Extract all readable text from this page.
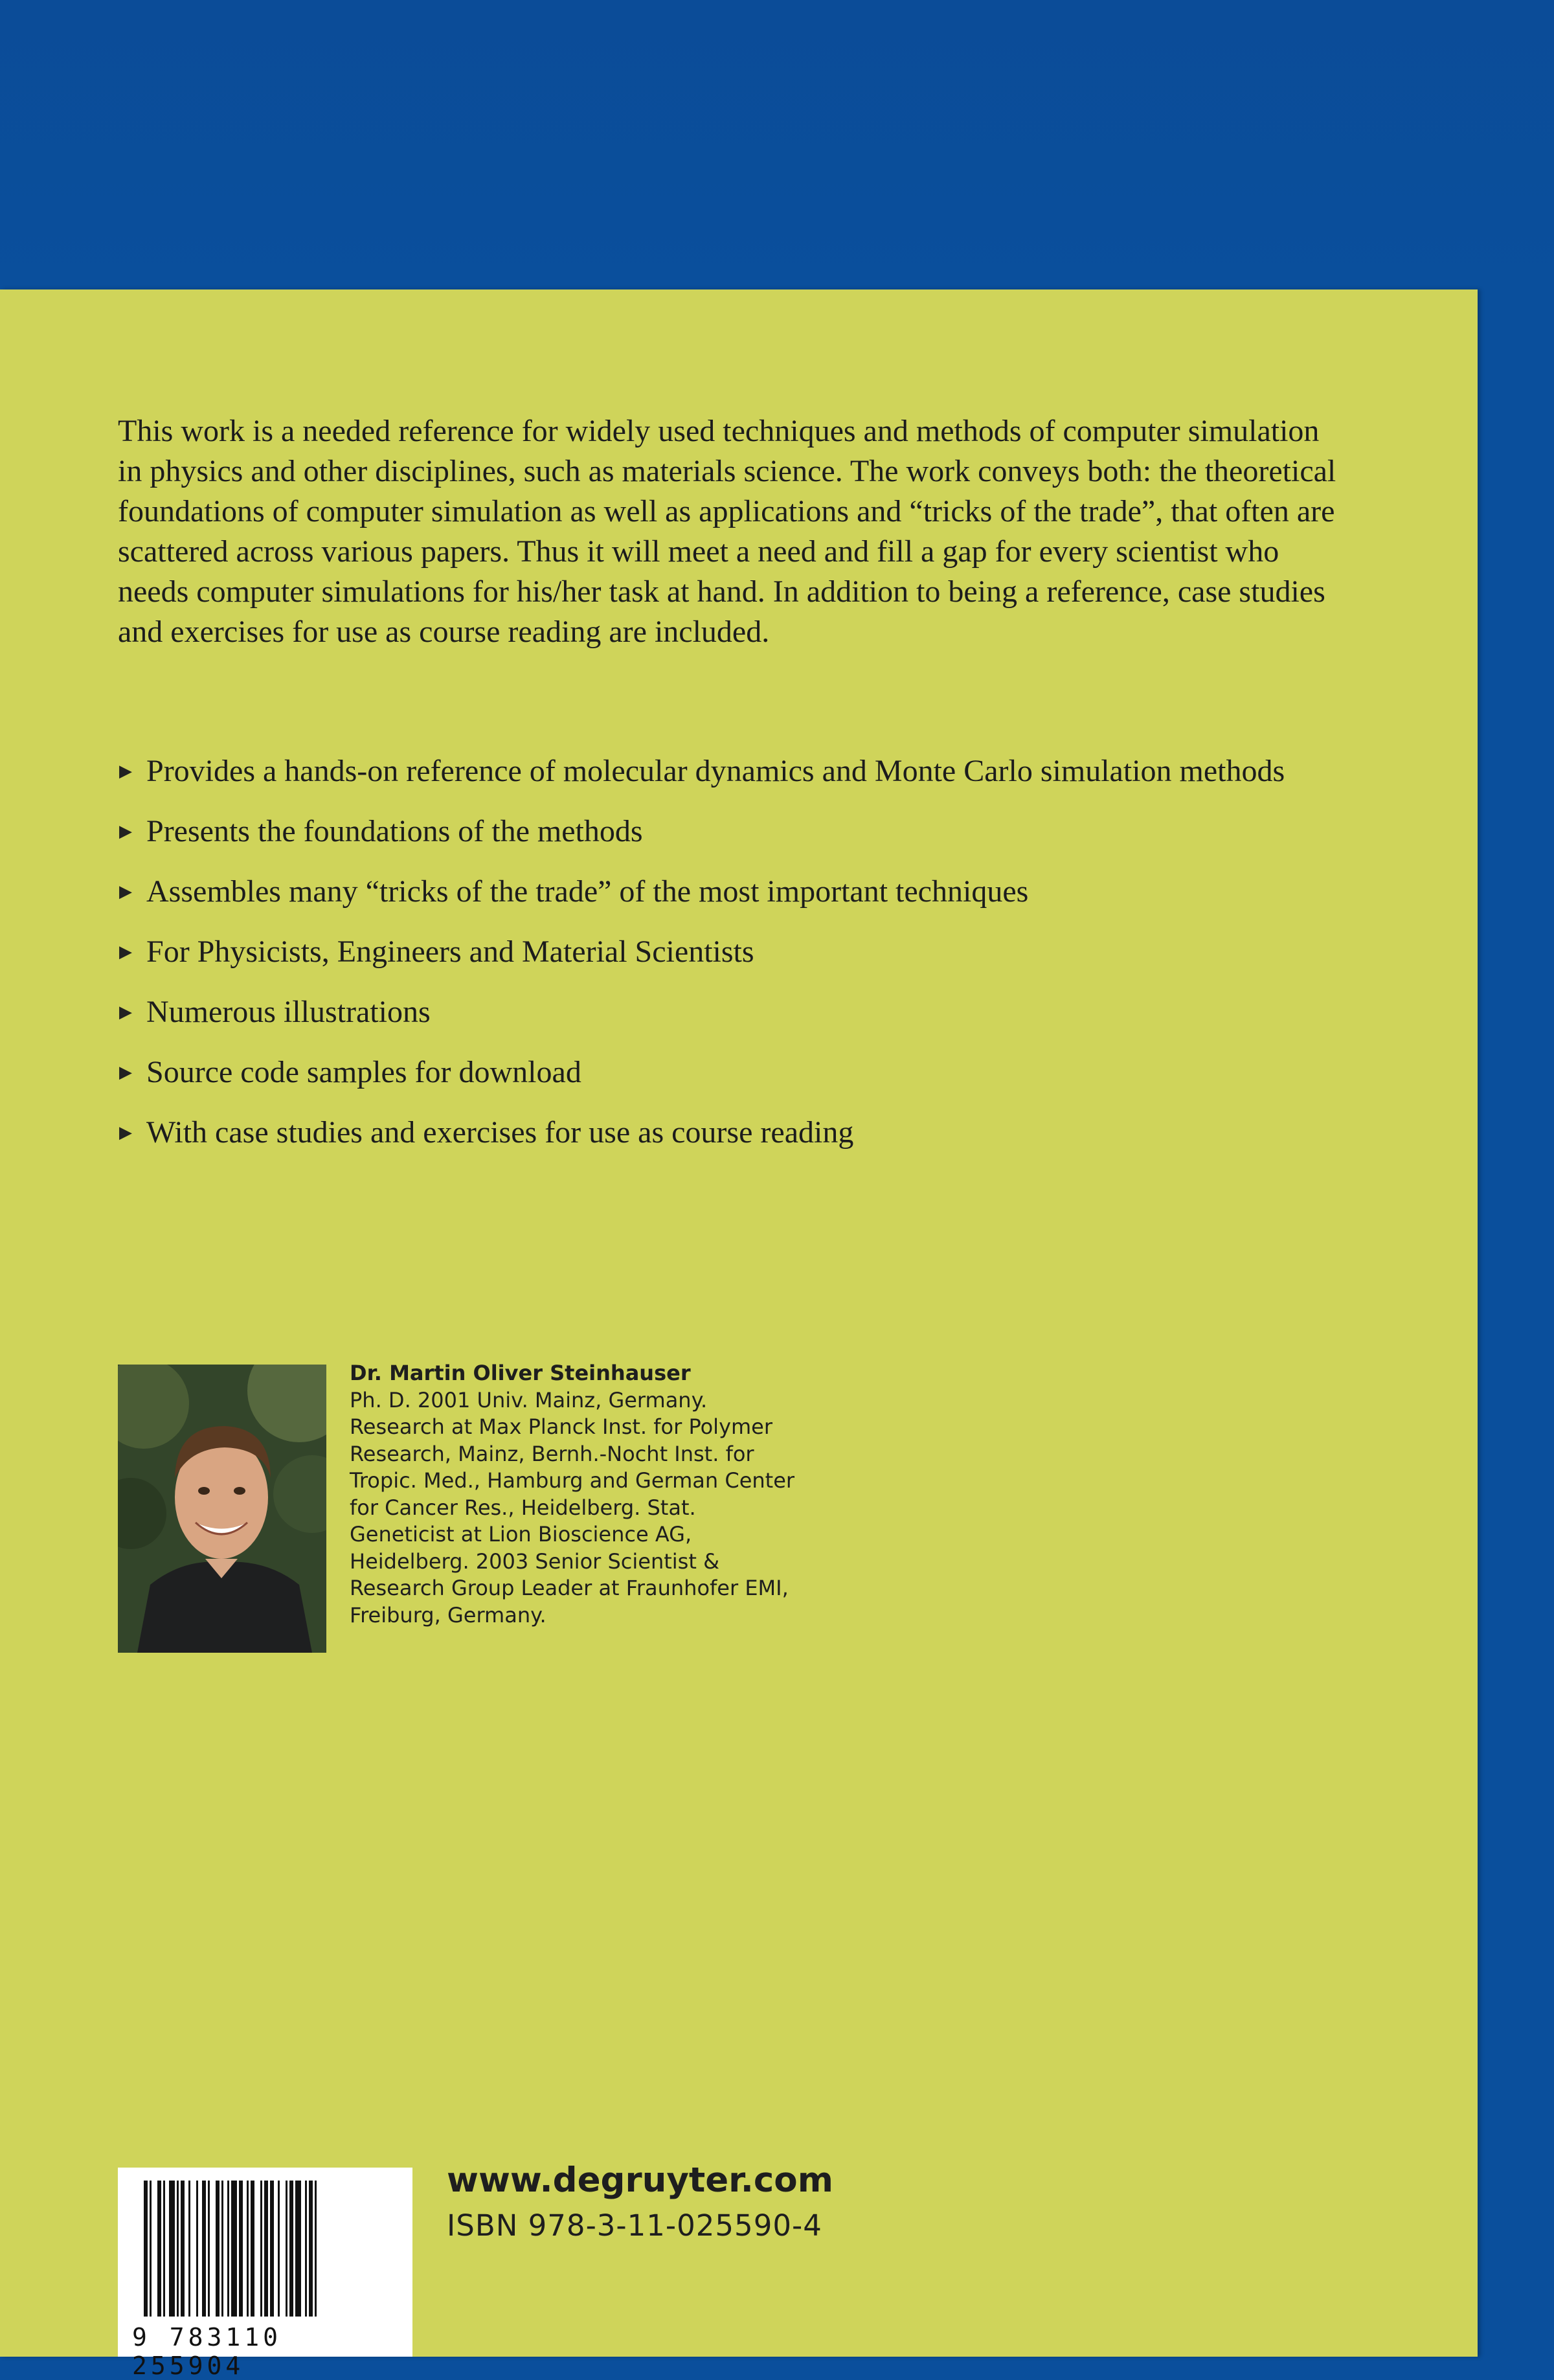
This work is a needed reference for widely used techniques and methods of computer simulation in physics and other disciplines, such as materials science. The work conveys both: the theoretical foundations of computer simulation as well as applications and “tricks of the trade”, that often are scattered across various papers. Thus it will meet a need and fill a gap for every scientist who needs computer simulations for his/her task at hand. In addition to being a reference, case studies and exercises for use as course reading are included.

▶ Provides a hands-on reference of molecular dynamics and Monte Carlo simulation methods
▶ Presents the foundations of the methods
▶ Assembles many “tricks of the trade” of the most important techniques
▶ For Physicists, Engineers and Material Scientists
▶ Numerous illustrations
▶ Source code samples for download
▶ With case studies and exercises for use as course reading
Dr. Martin Oliver Steinhauser
Ph. D. 2001 Univ. Mainz, Germany. Research at Max Planck Inst. for Polymer Research, Mainz, Bernh.-Nocht Inst. for Tropic. Med., Hamburg and German Center for Cancer Res., Heidelberg. Stat. Geneticist at Lion Bioscience AG, Heidelberg. 2003 Senior Scientist & Research Group Leader at Fraunhofer EMI, Freiburg, Germany.
9 783110 255904
www.degruyter.com
ISBN 978-3-11-025590-4
